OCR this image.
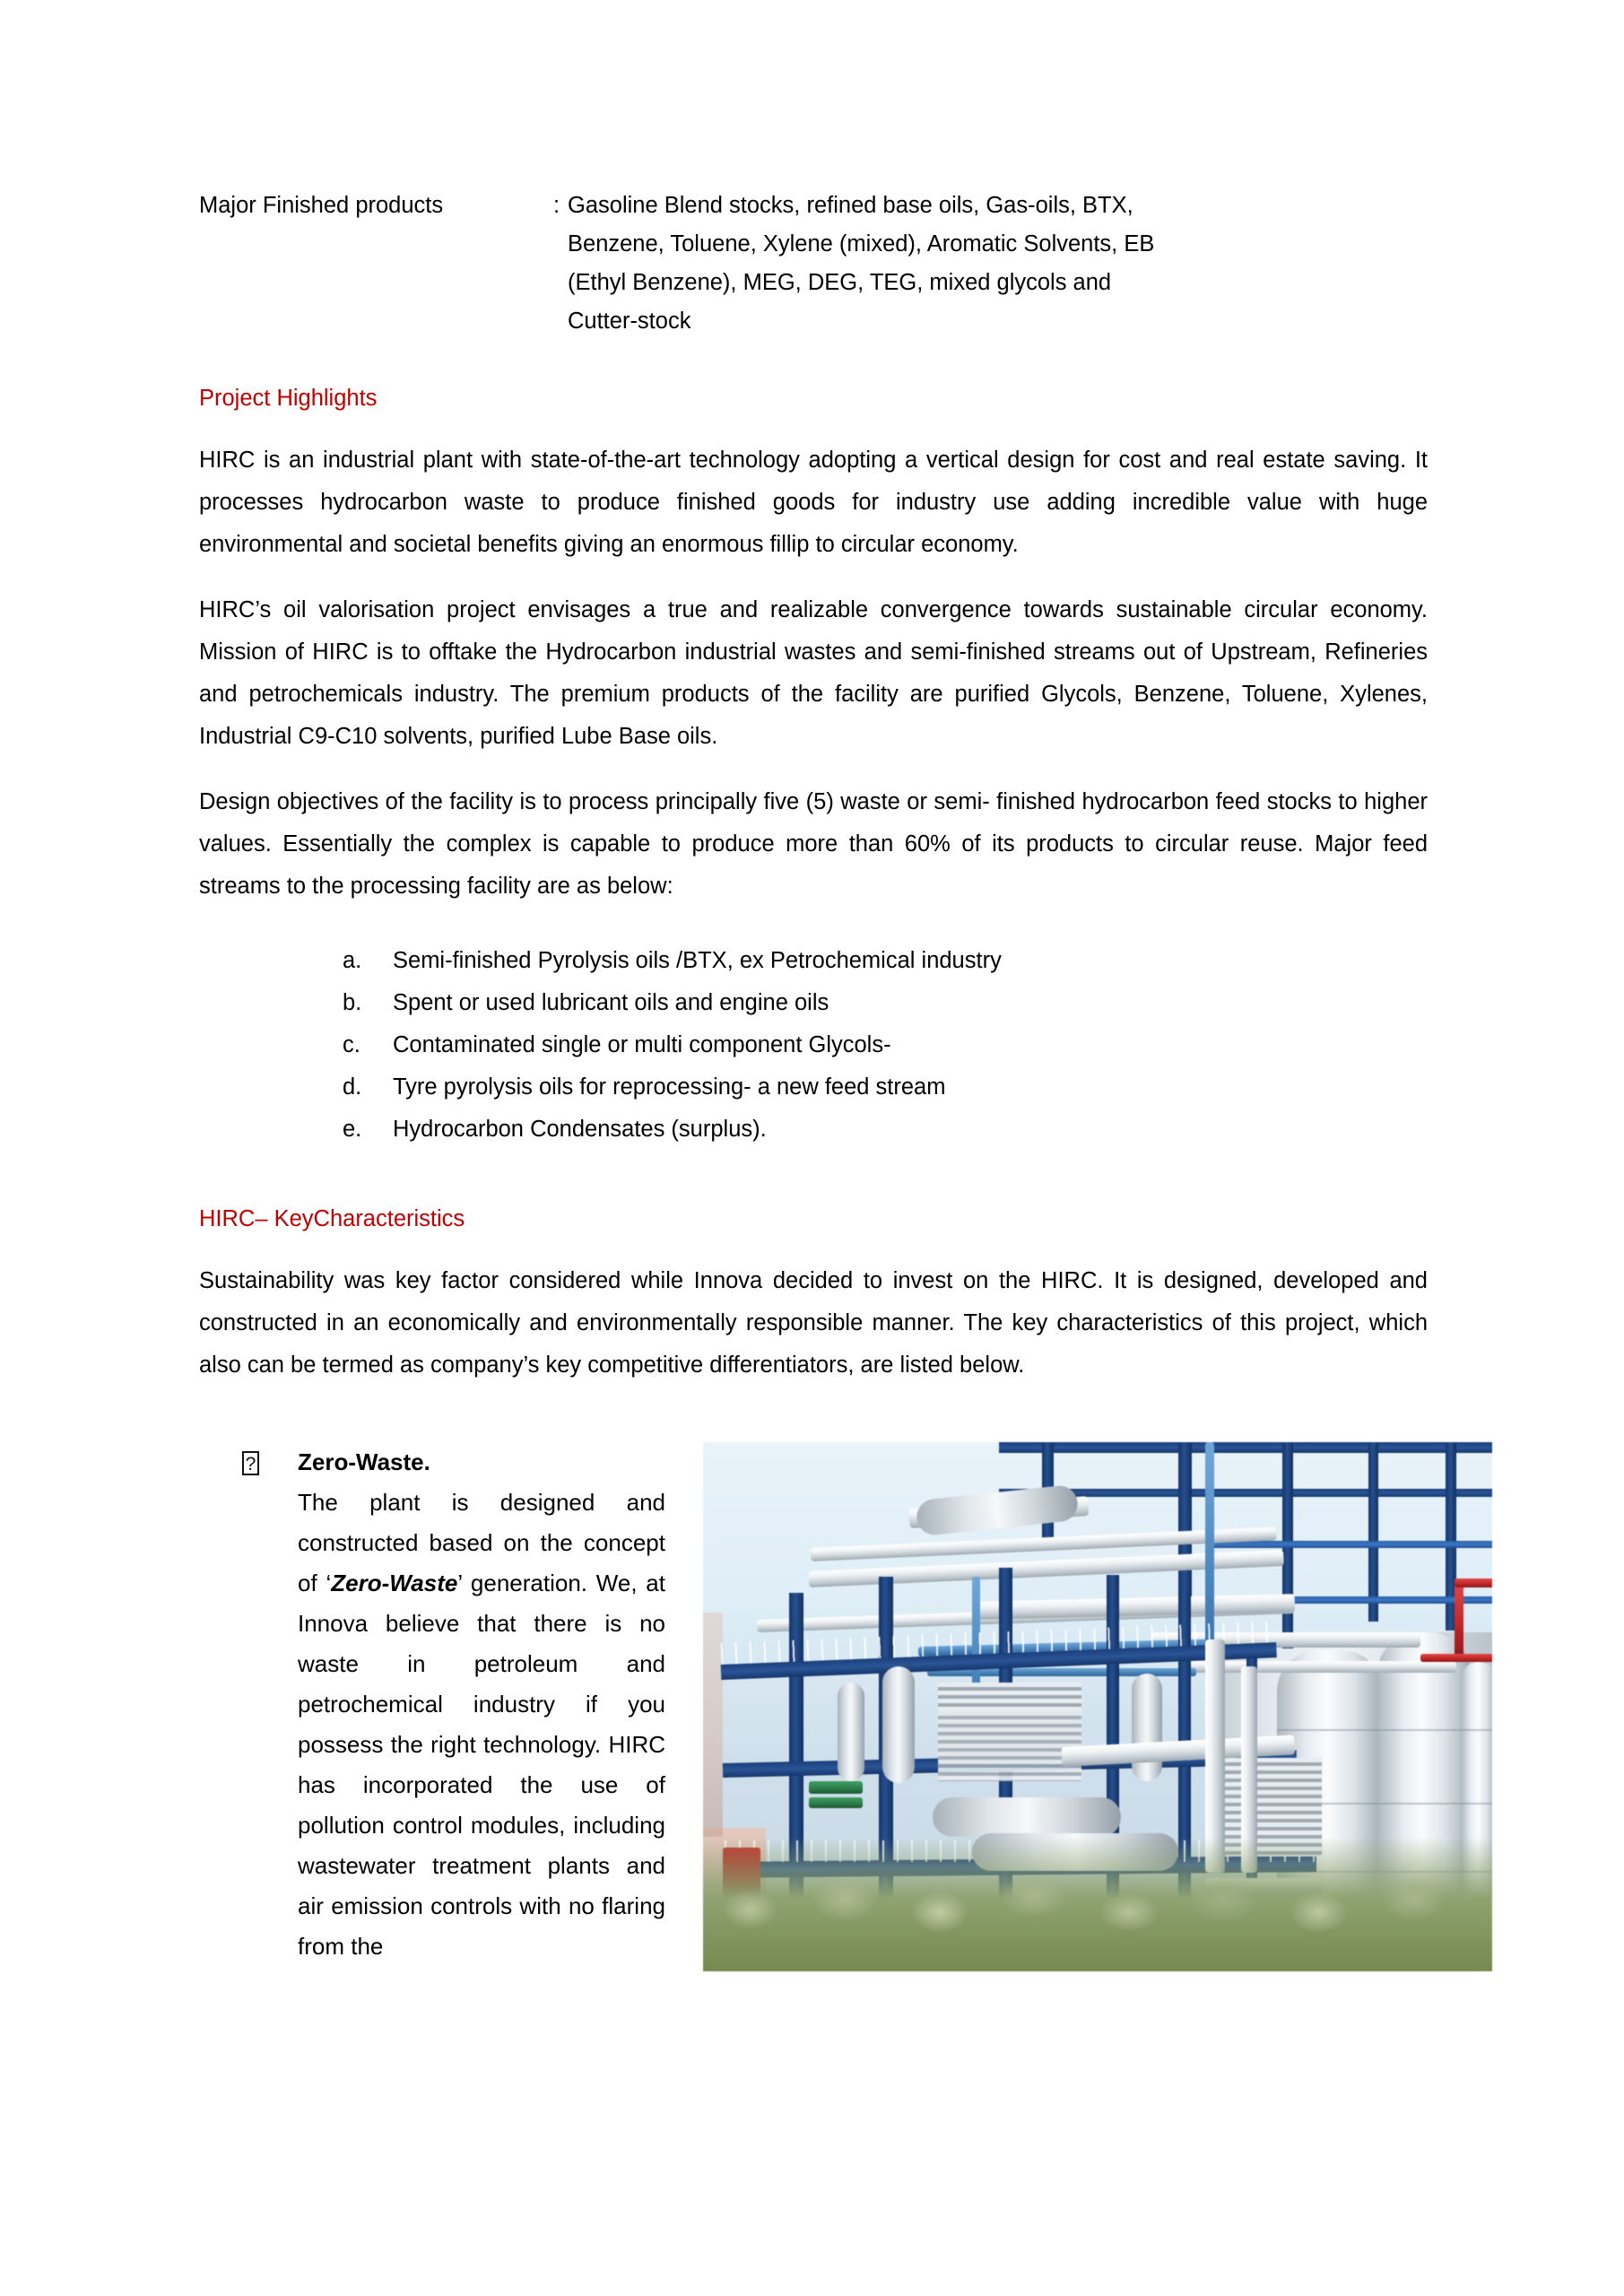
Major Finished products	: Gasoline Blend stocks, refined base oils, Gas-oils, BTX,
Benzene, Toluene, Xylene (mixed), Aromatic Solvents, EB
(Ethyl Benzene), MEG, DEG, TEG, mixed glycols and
Cutter-stock
Project Highlights

HIRC is an industrial plant with state-of-the-art technology adopting a vertical design for cost and real estate saving. It processes hydrocarbon waste to produce finished goods for industry use adding incredible value with huge environmental and societal benefits giving an enormous fillip to circular economy.

HIRC’s oil valorisation project envisages a true and realizable convergence towards sustainable circular economy. Mission of HIRC is to offtake the Hydrocarbon industrial wastes and semi-finished streams out of Upstream, Refineries and petrochemicals industry. The premium products of the facility are purified Glycols, Benzene, Toluene, Xylenes, Industrial C9-C10 solvents, purified Lube Base oils.

Design objectives of the facility is to process principally five (5) waste or semi- finished hydrocarbon feed stocks to higher values. Essentially the complex is capable to produce more than 60% of its products to circular reuse. Major feed streams to the processing facility are as below:

a.	Semi-finished Pyrolysis oils /BTX, ex Petrochemical industry
b.	Spent or used lubricant oils and engine oils
c.	Contaminated single or multi component Glycols-
d.	Tyre pyrolysis oils for reprocessing- a new feed stream
e.	Hydrocarbon Condensates (surplus).
HIRC– KeyCharacteristics

Sustainability was key factor considered while Innova decided to invest on the HIRC. It is designed, developed and constructed in an economically and environmentally responsible manner. The key characteristics of this project, which also can be termed as company’s key competitive differentiators, are listed below.

?	Zero-Waste.
The plant is designed and constructed based on the concept of ‘Zero-Waste’ generation. We, at Innova believe that there is no waste in petroleum and petrochemical industry if you possess the right technology. HIRC has incorporated the use of pollution control modules, including wastewater treatment plants and air emission controls with no flaring from the
